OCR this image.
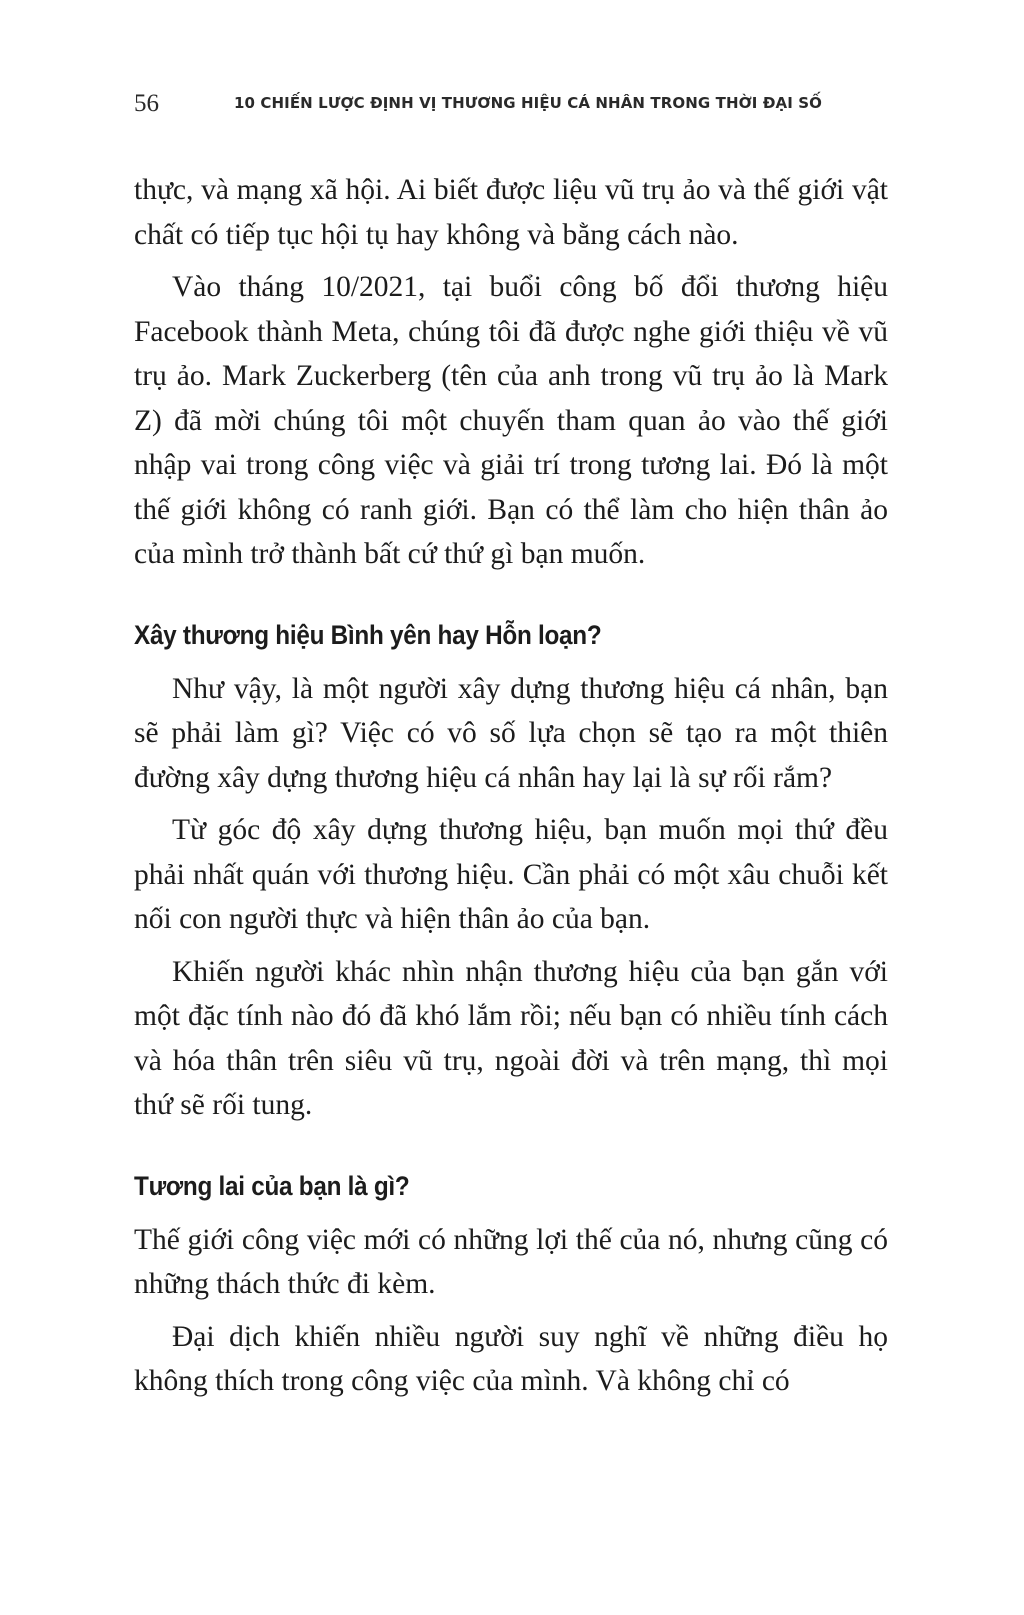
56	10 CHIẾN LƯỢC ĐỊNH VỊ THƯƠNG HIỆU CÁ NHÂN TRONG THỜI ĐẠI SỐ

thực, và mạng xã hội. Ai biết được liệu vũ trụ ảo và thế giới vật chất có tiếp tục hội tụ hay không và bằng cách nào.

Vào tháng 10/2021, tại buổi công bố đổi thương hiệu Facebook thành Meta, chúng tôi đã được nghe giới thiệu về vũ trụ ảo. Mark Zuckerberg (tên của anh trong vũ trụ ảo là Mark Z) đã mời chúng tôi một chuyến tham quan ảo vào thế giới nhập vai trong công việc và giải trí trong tương lai. Đó là một thế giới không có ranh giới. Bạn có thể làm cho hiện thân ảo của mình trở thành bất cứ thứ gì bạn muốn.

Xây thương hiệu Bình yên hay Hỗn loạn?

Như vậy, là một người xây dựng thương hiệu cá nhân, bạn sẽ phải làm gì? Việc có vô số lựa chọn sẽ tạo ra một thiên đường xây dựng thương hiệu cá nhân hay lại là sự rối rắm?

Từ góc độ xây dựng thương hiệu, bạn muốn mọi thứ đều phải nhất quán với thương hiệu. Cần phải có một xâu chuỗi kết nối con người thực và hiện thân ảo của bạn.

Khiến người khác nhìn nhận thương hiệu của bạn gắn với một đặc tính nào đó đã khó lắm rồi; nếu bạn có nhiều tính cách và hóa thân trên siêu vũ trụ, ngoài đời và trên mạng, thì mọi thứ sẽ rối tung.

Tương lai của bạn là gì?

Thế giới công việc mới có những lợi thế của nó, nhưng cũng có những thách thức đi kèm.

Đại dịch khiến nhiều người suy nghĩ về những điều họ không thích trong công việc của mình. Và không chỉ có
